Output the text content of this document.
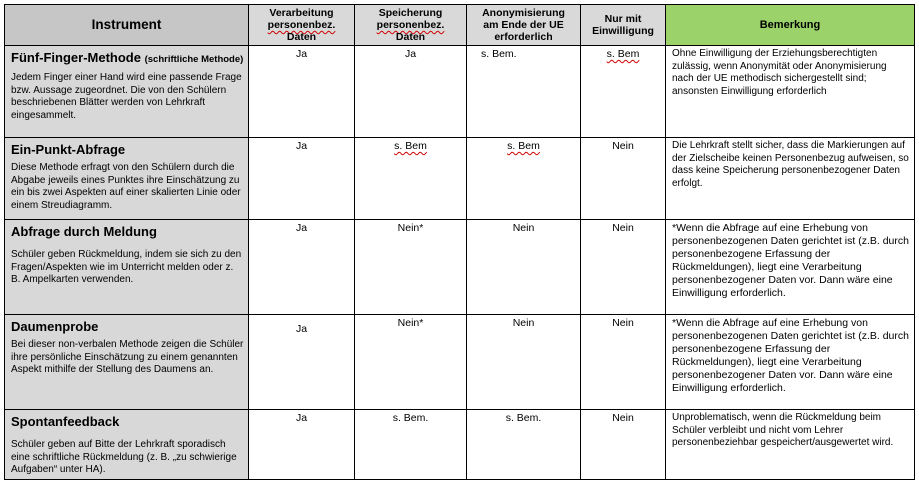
Instrument	Verarbeitung
personenbez.
Daten	Speicherung
personenbez.
Daten	Anonymisierung
am Ende der UE
erforderlich	Nur mit
Einwilligung	Bemerkung

Fünf-Finger-Methode (schriftliche Methode)
Jedem Finger einer Hand wird eine passende Frage bzw. Aussage zugeordnet. Die von den Schülern beschriebenen Blätter werden von Lehrkraft eingesammelt.	Ja	Ja	s. Bem.	s. Bem	Ohne Einwilligung der Erziehungsberechtigten zulässig, wenn Anonymität oder Anonymisierung nach der UE methodisch sichergestellt sind; ansonsten Einwilligung erforderlich

Ein-Punkt-Abfrage
Diese Methode erfragt von den Schülern durch die Abgabe jeweils eines Punktes ihre Einschätzung zu ein bis zwei Aspekten auf einer skalierten Linie oder einem Streudiagramm.	Ja	s. Bem	s. Bem	Nein	Die Lehrkraft stellt sicher, dass die Markierungen auf der Zielscheibe keinen Personenbezug aufweisen, so dass keine Speicherung personenbezogener Daten erfolgt.

Abfrage durch Meldung
Schüler geben Rückmeldung, indem sie sich zu den Fragen/Aspekten wie im Unterricht melden oder z. B. Ampelkarten verwenden.	Ja	Nein*	Nein	Nein	*Wenn die Abfrage auf eine Erhebung von personenbezogenen Daten gerichtet ist (z.B. durch personenbezogene Erfassung der Rückmeldungen), liegt eine Verarbeitung personenbezogener Daten vor. Dann wäre eine Einwilligung erforderlich.

Daumenprobe
Bei dieser non-verbalen Methode zeigen die Schüler ihre persönliche Einschätzung zu einem genannten Aspekt mithilfe der Stellung des Daumens an.	Ja	Nein*	Nein	Nein	*Wenn die Abfrage auf eine Erhebung von personenbezogenen Daten gerichtet ist (z.B. durch personenbezogene Erfassung der Rückmeldungen), liegt eine Verarbeitung personenbezogener Daten vor. Dann wäre eine Einwilligung erforderlich.

Spontanfeedback
Schüler geben auf Bitte der Lehrkraft sporadisch eine schriftliche Rückmeldung (z. B. „zu schwierige Aufgaben“ unter HA).	Ja	s. Bem.	s. Bem.	Nein	Unproblematisch, wenn die Rückmeldung beim Schüler verbleibt und nicht vom Lehrer personenbeziehbar gespeichert/ausgewertet wird.
